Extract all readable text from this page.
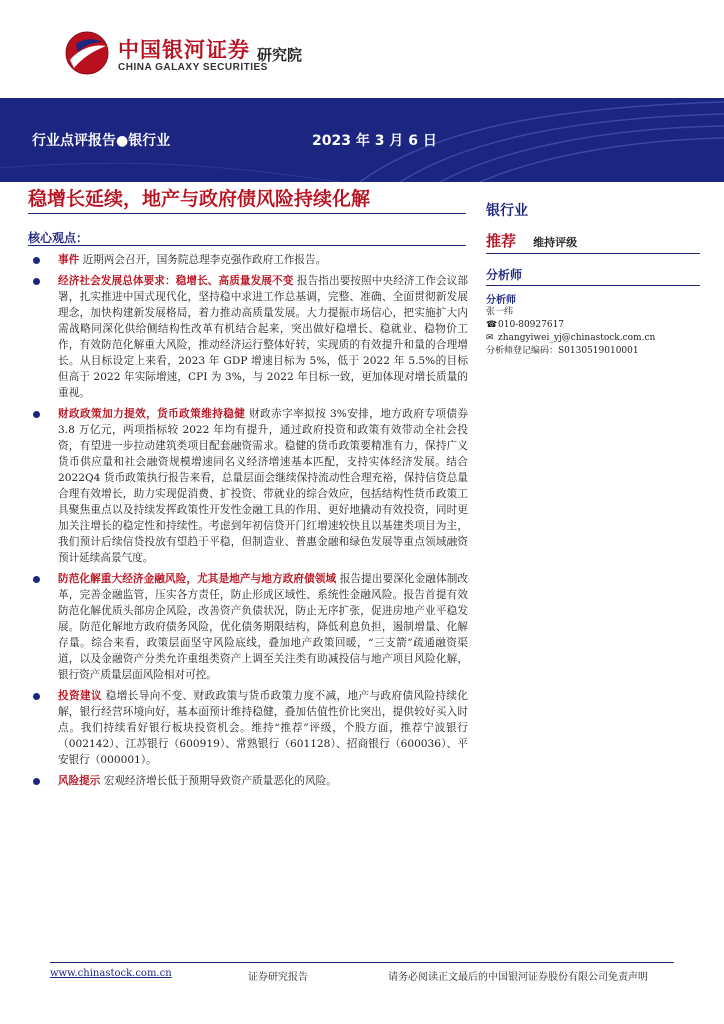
中国银河证券
CHINA GALAXY SECURITIES
研究院
行业点评报告●银行业	2023 年 3 月 6 日
稳增长延续，地产与政府债风险持续化解
核心观点：
事件 近期两会召开，国务院总理李克强作政府工作报告。
经济社会发展总体要求：稳增长、高质量发展不变 报告指出要按照中央经济工作会议部署，扎实推进中国式现代化，坚持稳中求进工作总基调，完整、准确、全面贯彻新发展理念，加快构建新发展格局，着力推动高质量发展。大力提振市场信心，把实施扩大内需战略同深化供给侧结构性改革有机结合起来，突出做好稳增长、稳就业、稳物价工作，有效防范化解重大风险，推动经济运行整体好转，实现质的有效提升和量的合理增长。从目标设定上来看，2023 年 GDP 增速目标为 5%，低于 2022 年 5.5%的目标但高于 2022 年实际增速，CPI 为 3%，与 2022 年目标一致，更加体现对增长质量的重视。
财政政策加力提效，货币政策维持稳健 财政赤字率拟按 3%安排，地方政府专项债券 3.8 万亿元，两项指标较 2022 年均有提升，通过政府投资和政策有效带动全社会投资，有望进一步拉动建筑类项目配套融资需求。稳健的货币政策要精准有力，保持广义货币供应量和社会融资规模增速同名义经济增速基本匹配，支持实体经济发展。结合 2022Q4 货币政策执行报告来看，总量层面会继续保持流动性合理充裕，保持信贷总量合理有效增长，助力实现促消费、扩投资、带就业的综合效应，包括结构性货币政策工具聚焦重点以及持续发挥政策性开发性金融工具的作用、更好地撬动有效投资，同时更加关注增长的稳定性和持续性。考虑到年初信贷开门红增速较快且以基建类项目为主，我们预计后续信贷投放有望趋于平稳，但制造业、普惠金融和绿色发展等重点领域融资预计延续高景气度。
防范化解重大经济金融风险，尤其是地产与地方政府债领域 报告提出要深化金融体制改革，完善金融监管，压实各方责任，防止形成区域性、系统性金融风险。报告首提有效防范化解优质头部房企风险，改善资产负债状况，防止无序扩张，促进房地产业平稳发展。防范化解地方政府债务风险，优化债务期限结构，降低利息负担，遏制增量、化解存量。综合来看，政策层面坚守风险底线，叠加地产政策回暖，“三支箭”疏通融资渠道，以及金融资产分类允许重组类资产上调至关注类有助减投信与地产项目风险化解，银行资产质量层面风险相对可控。
投资建议 稳增长导向不变、财政政策与货币政策力度不减，地产与政府债风险持续化解，银行经营环境向好，基本面预计维持稳健，叠加估值性价比突出，提供较好买入时点。我们持续看好银行板块投资机会。维持“推荐”评级，个股方面，推荐宁波银行（002142）、江苏银行（600919）、常熟银行（601128）、招商银行（600036）、平安银行（000001）。
风险提示 宏观经济增长低于预期导致资产质量恶化的风险。
银行业
推荐 维持评级
分析师
分析师
张一纬
☎010-80927617
✉ zhangyiwei_yj@chinastock.com.cn
分析师登记编码：S0130519010001
www.chinastock.com.cn	证券研究报告	请务必阅读正文最后的中国银河证券股份有限公司免责声明
